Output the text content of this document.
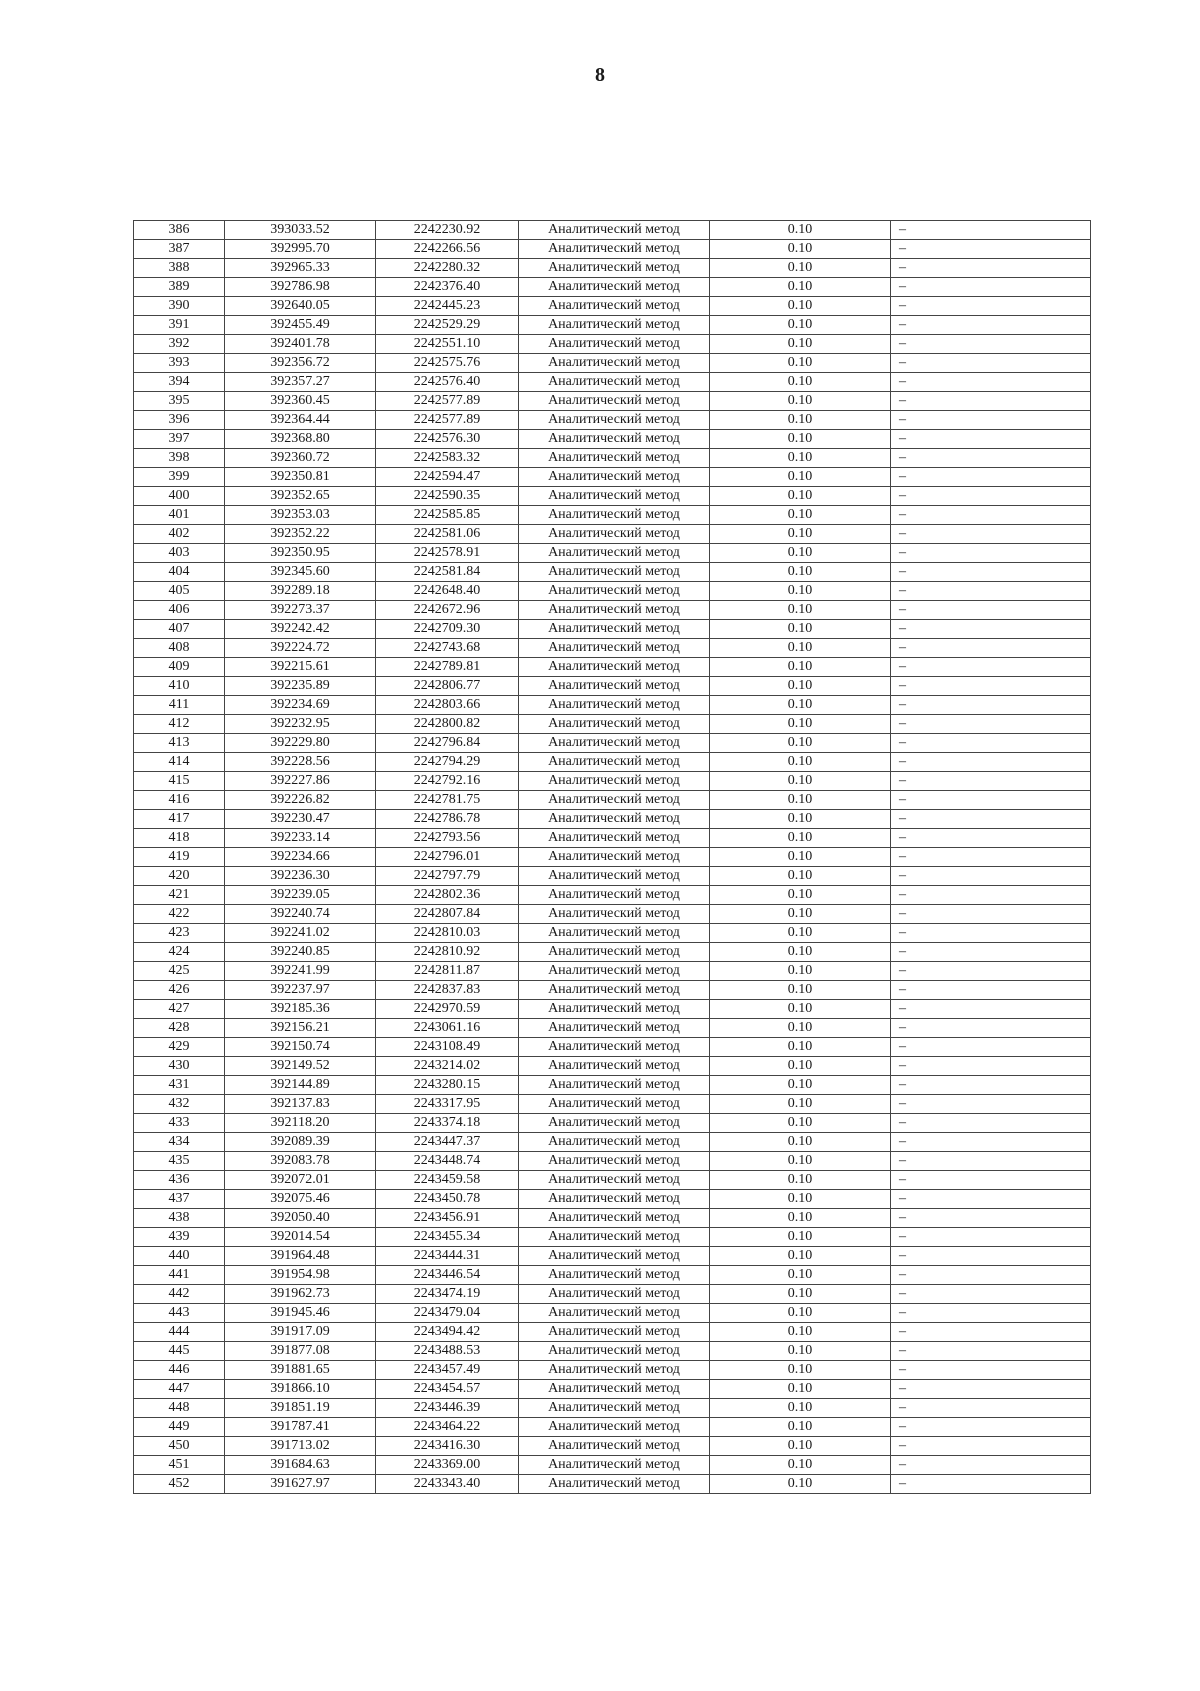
8
386	393033.52	2242230.92	Аналитический метод	0.10	–
387	392995.70	2242266.56	Аналитический метод	0.10	–
388	392965.33	2242280.32	Аналитический метод	0.10	–
389	392786.98	2242376.40	Аналитический метод	0.10	–
390	392640.05	2242445.23	Аналитический метод	0.10	–
391	392455.49	2242529.29	Аналитический метод	0.10	–
392	392401.78	2242551.10	Аналитический метод	0.10	–
393	392356.72	2242575.76	Аналитический метод	0.10	–
394	392357.27	2242576.40	Аналитический метод	0.10	–
395	392360.45	2242577.89	Аналитический метод	0.10	–
396	392364.44	2242577.89	Аналитический метод	0.10	–
397	392368.80	2242576.30	Аналитический метод	0.10	–
398	392360.72	2242583.32	Аналитический метод	0.10	–
399	392350.81	2242594.47	Аналитический метод	0.10	–
400	392352.65	2242590.35	Аналитический метод	0.10	–
401	392353.03	2242585.85	Аналитический метод	0.10	–
402	392352.22	2242581.06	Аналитический метод	0.10	–
403	392350.95	2242578.91	Аналитический метод	0.10	–
404	392345.60	2242581.84	Аналитический метод	0.10	–
405	392289.18	2242648.40	Аналитический метод	0.10	–
406	392273.37	2242672.96	Аналитический метод	0.10	–
407	392242.42	2242709.30	Аналитический метод	0.10	–
408	392224.72	2242743.68	Аналитический метод	0.10	–
409	392215.61	2242789.81	Аналитический метод	0.10	–
410	392235.89	2242806.77	Аналитический метод	0.10	–
411	392234.69	2242803.66	Аналитический метод	0.10	–
412	392232.95	2242800.82	Аналитический метод	0.10	–
413	392229.80	2242796.84	Аналитический метод	0.10	–
414	392228.56	2242794.29	Аналитический метод	0.10	–
415	392227.86	2242792.16	Аналитический метод	0.10	–
416	392226.82	2242781.75	Аналитический метод	0.10	–
417	392230.47	2242786.78	Аналитический метод	0.10	–
418	392233.14	2242793.56	Аналитический метод	0.10	–
419	392234.66	2242796.01	Аналитический метод	0.10	–
420	392236.30	2242797.79	Аналитический метод	0.10	–
421	392239.05	2242802.36	Аналитический метод	0.10	–
422	392240.74	2242807.84	Аналитический метод	0.10	–
423	392241.02	2242810.03	Аналитический метод	0.10	–
424	392240.85	2242810.92	Аналитический метод	0.10	–
425	392241.99	2242811.87	Аналитический метод	0.10	–
426	392237.97	2242837.83	Аналитический метод	0.10	–
427	392185.36	2242970.59	Аналитический метод	0.10	–
428	392156.21	2243061.16	Аналитический метод	0.10	–
429	392150.74	2243108.49	Аналитический метод	0.10	–
430	392149.52	2243214.02	Аналитический метод	0.10	–
431	392144.89	2243280.15	Аналитический метод	0.10	–
432	392137.83	2243317.95	Аналитический метод	0.10	–
433	392118.20	2243374.18	Аналитический метод	0.10	–
434	392089.39	2243447.37	Аналитический метод	0.10	–
435	392083.78	2243448.74	Аналитический метод	0.10	–
436	392072.01	2243459.58	Аналитический метод	0.10	–
437	392075.46	2243450.78	Аналитический метод	0.10	–
438	392050.40	2243456.91	Аналитический метод	0.10	–
439	392014.54	2243455.34	Аналитический метод	0.10	–
440	391964.48	2243444.31	Аналитический метод	0.10	–
441	391954.98	2243446.54	Аналитический метод	0.10	–
442	391962.73	2243474.19	Аналитический метод	0.10	–
443	391945.46	2243479.04	Аналитический метод	0.10	–
444	391917.09	2243494.42	Аналитический метод	0.10	–
445	391877.08	2243488.53	Аналитический метод	0.10	–
446	391881.65	2243457.49	Аналитический метод	0.10	–
447	391866.10	2243454.57	Аналитический метод	0.10	–
448	391851.19	2243446.39	Аналитический метод	0.10	–
449	391787.41	2243464.22	Аналитический метод	0.10	–
450	391713.02	2243416.30	Аналитический метод	0.10	–
451	391684.63	2243369.00	Аналитический метод	0.10	–
452	391627.97	2243343.40	Аналитический метод	0.10	–
